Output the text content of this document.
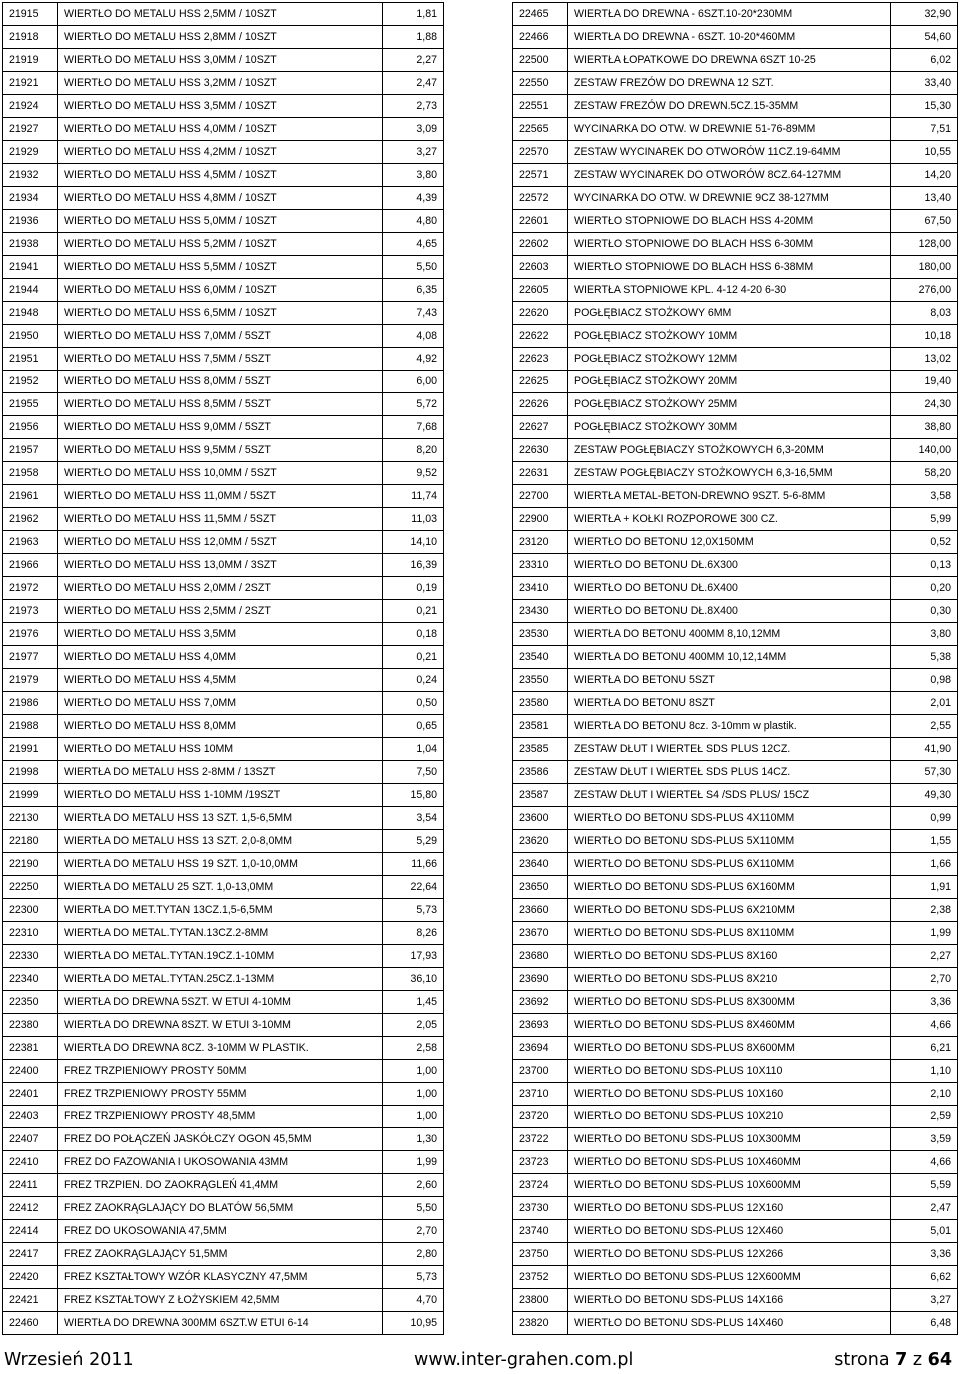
21915	WIERTŁO DO METALU HSS 2,5MM / 10SZT	1,81
21918	WIERTŁO DO METALU HSS 2,8MM / 10SZT	1,88
21919	WIERTŁO DO METALU HSS 3,0MM / 10SZT	2,27
21921	WIERTŁO DO METALU HSS 3,2MM / 10SZT	2,47
21924	WIERTŁO DO METALU HSS 3,5MM / 10SZT	2,73
21927	WIERTŁO DO METALU HSS 4,0MM / 10SZT	3,09
21929	WIERTŁO DO METALU HSS 4,2MM / 10SZT	3,27
21932	WIERTŁO DO METALU HSS 4,5MM / 10SZT	3,80
21934	WIERTŁO DO METALU HSS 4,8MM / 10SZT	4,39
21936	WIERTŁO DO METALU HSS 5,0MM / 10SZT	4,80
21938	WIERTŁO DO METALU HSS 5,2MM / 10SZT	4,65
21941	WIERTŁO DO METALU HSS 5,5MM / 10SZT	5,50
21944	WIERTŁO DO METALU HSS 6,0MM / 10SZT	6,35
21948	WIERTŁO DO METALU HSS 6,5MM / 10SZT	7,43
21950	WIERTŁO DO METALU HSS 7,0MM / 5SZT	4,08
21951	WIERTŁO DO METALU HSS 7,5MM / 5SZT	4,92
21952	WIERTŁO DO METALU HSS 8,0MM / 5SZT	6,00
21955	WIERTŁO DO METALU HSS 8,5MM / 5SZT	5,72
21956	WIERTŁO DO METALU HSS 9,0MM / 5SZT	7,68
21957	WIERTŁO DO METALU HSS 9,5MM / 5SZT	8,20
21958	WIERTŁO DO METALU HSS 10,0MM / 5SZT	9,52
21961	WIERTŁO DO METALU HSS 11,0MM / 5SZT	11,74
21962	WIERTŁO DO METALU HSS 11,5MM / 5SZT	11,03
21963	WIERTŁO DO METALU HSS 12,0MM / 5SZT	14,10
21966	WIERTŁO DO METALU HSS 13,0MM / 3SZT	16,39
21972	WIERTŁO DO METALU HSS 2,0MM / 2SZT	0,19
21973	WIERTŁO DO METALU HSS 2,5MM / 2SZT	0,21
21976	WIERTŁO DO METALU HSS 3,5MM	0,18
21977	WIERTŁO DO METALU HSS 4,0MM	0,21
21979	WIERTŁO DO METALU HSS 4,5MM	0,24
21986	WIERTŁO DO METALU HSS 7,0MM	0,50
21988	WIERTŁO DO METALU HSS 8,0MM	0,65
21991	WIERTŁO DO METALU HSS 10MM	1,04
21998	WIERTŁA DO METALU HSS 2-8MM / 13SZT	7,50
21999	WIERTŁO DO METALU HSS 1-10MM /19SZT	15,80
22130	WIERTŁA DO METALU HSS 13 SZT. 1,5-6,5MM	3,54
22180	WIERTŁA DO METALU HSS 13 SZT. 2,0-8,0MM	5,29
22190	WIERTŁA DO METALU HSS 19 SZT. 1,0-10,0MM	11,66
22250	WIERTŁA DO METALU 25 SZT. 1,0-13,0MM	22,64
22300	WIERTŁA DO MET.TYTAN 13CZ.1,5-6,5MM	5,73
22310	WIERTŁA DO METAL.TYTAN.13CZ.2-8MM	8,26
22330	WIERTŁA DO METAL.TYTAN.19CZ.1-10MM	17,93
22340	WIERTŁA DO METAL.TYTAN.25CZ.1-13MM	36,10
22350	WIERTŁA DO DREWNA 5SZT. W ETUI 4-10MM	1,45
22380	WIERTŁA DO DREWNA 8SZT. W ETUI 3-10MM	2,05
22381	WIERTŁA DO DREWNA 8CZ. 3-10MM W PLASTIK.	2,58
22400	FREZ TRZPIENIOWY PROSTY 50MM	1,00
22401	FREZ TRZPIENIOWY PROSTY 55MM	1,00
22403	FREZ TRZPIENIOWY PROSTY 48,5MM	1,00
22407	FREZ DO POŁĄCZEŃ JASKÓŁCZY OGON 45,5MM	1,30
22410	FREZ DO FAZOWANIA I UKOSOWANIA 43MM	1,99
22411	FREZ TRZPIEN. DO ZAOKRĄGLEŃ 41,4MM	2,60
22412	FREZ ZAOKRĄGLAJĄCY DO BLATÓW 56,5MM	5,50
22414	FREZ DO UKOSOWANIA 47,5MM	2,70
22417	FREZ ZAOKRĄGLAJĄCY 51,5MM	2,80
22420	FREZ KSZTAŁTOWY WZÓR KLASYCZNY 47,5MM	5,73
22421	FREZ KSZTAŁTOWY Z ŁOŻYSKIEM 42,5MM	4,70
22460	WIERTŁA DO DREWNA 300MM 6SZT.W ETUI 6-14	10,95
22465	WIERTŁA DO DREWNA - 6SZT.10-20*230MM	32,90
22466	WIERTŁA DO DREWNA - 6SZT. 10-20*460MM	54,60
22500	WIERTŁA ŁOPATKOWE DO DREWNA 6SZT 10-25	6,02
22550	ZESTAW FREZÓW DO DREWNA 12 SZT.	33,40
22551	ZESTAW FREZÓW DO DREWN.5CZ.15-35MM	15,30
22565	WYCINARKA DO OTW. W DREWNIE 51-76-89MM	7,51
22570	ZESTAW WYCINAREK DO OTWORÓW 11CZ.19-64MM	10,55
22571	ZESTAW WYCINAREK DO OTWORÓW 8CZ.64-127MM	14,20
22572	WYCINARKA DO OTW. W DREWNIE 9CZ 38-127MM	13,40
22601	WIERTŁO STOPNIOWE DO BLACH HSS 4-20MM	67,50
22602	WIERTŁO STOPNIOWE DO BLACH HSS 6-30MM	128,00
22603	WIERTŁO STOPNIOWE DO BLACH HSS 6-38MM	180,00
22605	WIERTŁA STOPNIOWE KPL. 4-12 4-20 6-30	276,00
22620	POGŁĘBIACZ STOŻKOWY 6MM	8,03
22622	POGŁĘBIACZ STOŻKOWY 10MM	10,18
22623	POGŁĘBIACZ STOŻKOWY 12MM	13,02
22625	POGŁĘBIACZ STOŻKOWY 20MM	19,40
22626	POGŁĘBIACZ STOŻKOWY 25MM	24,30
22627	POGŁĘBIACZ STOŻKOWY 30MM	38,80
22630	ZESTAW POGŁĘBIACZY STOŻKOWYCH 6,3-20MM	140,00
22631	ZESTAW POGŁĘBIACZY STOŻKOWYCH 6,3-16,5MM	58,20
22700	WIERTŁA METAL-BETON-DREWNO 9SZT. 5-6-8MM	3,58
22900	WIERTŁA + KOŁKI ROZPOROWE 300 CZ.	5,99
23120	WIERTŁO DO BETONU 12,0X150MM	0,52
23310	WIERTŁO DO BETONU DŁ.6X300	0,13
23410	WIERTŁO DO BETONU DŁ.6X400	0,20
23430	WIERTŁO DO BETONU DŁ.8X400	0,30
23530	WIERTŁA DO BETONU 400MM 8,10,12MM	3,80
23540	WIERTŁA DO BETONU 400MM 10,12,14MM	5,38
23550	WIERTŁA DO BETONU 5SZT	0,98
23580	WIERTŁA DO BETONU 8SZT	2,01
23581	WIERTŁA DO BETONU 8cz. 3-10mm w plastik.	2,55
23585	ZESTAW DŁUT I WIERTEŁ SDS PLUS 12CZ.	41,90
23586	ZESTAW DŁUT I WIERTEŁ SDS PLUS 14CZ.	57,30
23587	ZESTAW DŁUT I WIERTEŁ S4 /SDS PLUS/ 15CZ	49,30
23600	WIERTŁO DO BETONU SDS-PLUS 4X110MM	0,99
23620	WIERTŁO DO BETONU SDS-PLUS 5X110MM	1,55
23640	WIERTŁO DO BETONU SDS-PLUS 6X110MM	1,66
23650	WIERTŁO DO BETONU SDS-PLUS 6X160MM	1,91
23660	WIERTŁO DO BETONU SDS-PLUS 6X210MM	2,38
23670	WIERTŁO DO BETONU SDS-PLUS 8X110MM	1,99
23680	WIERTŁO DO BETONU SDS-PLUS 8X160	2,27
23690	WIERTŁO DO BETONU SDS-PLUS 8X210	2,70
23692	WIERTŁO DO BETONU SDS-PLUS 8X300MM	3,36
23693	WIERTŁO DO BETONU SDS-PLUS 8X460MM	4,66
23694	WIERTŁO DO BETONU SDS-PLUS 8X600MM	6,21
23700	WIERTŁO DO BETONU SDS-PLUS 10X110	1,10
23710	WIERTŁO DO BETONU SDS-PLUS 10X160	2,10
23720	WIERTŁO DO BETONU SDS-PLUS 10X210	2,59
23722	WIERTŁO DO BETONU SDS-PLUS 10X300MM	3,59
23723	WIERTŁO DO BETONU SDS-PLUS 10X460MM	4,66
23724	WIERTŁO DO BETONU SDS-PLUS 10X600MM	5,59
23730	WIERTŁO DO BETONU SDS-PLUS 12X160	2,47
23740	WIERTŁO DO BETONU SDS-PLUS 12X460	5,01
23750	WIERTŁO DO BETONU SDS-PLUS 12X266	3,36
23752	WIERTŁO DO BETONU SDS-PLUS 12X600MM	6,62
23800	WIERTŁO DO BETONU SDS-PLUS 14X166	3,27
23820	WIERTŁO DO BETONU SDS-PLUS 14X460	6,48
Wrzesień 2011	www.inter-grahen.com.pl	strona 7 z 64
